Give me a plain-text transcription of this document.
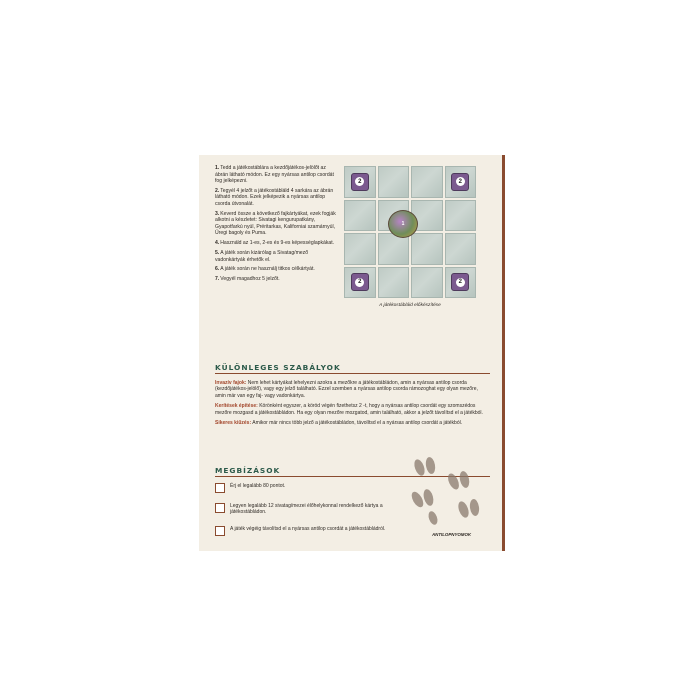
1.Tedd a játékostáblára a kezdőjátékos-jelölőt az ábrán látható módon. Ez egy nyársas antilop csordát fog jelképezni.
2.Tegyél 4 jelzőt a játékostábláld 4 sarkára az ábrán látható módon. Ezek jelképezik a nyársas antilop csorda útvonalát.
3.Keverd össze a következő fajkártyákat, ezek fogják alkotni a készletet: Sivatagi kengurupatkány, Gyapotfarkú nyúl, Préritarkas, Kaliforniai szamárnyúl, Üregi bagoly és Puma.
4.Használd az 1-es, 2-es és 9-es képességlapkákat.
5.A játék során kizárólag a Sivatag/mező vadonkártyák érhetők el.
6.A játék során ne használj titkos célkártyát.
7.Vegyél magadhoz 5 jelzőt.
2	2
2	2
1
A játékostábláid előkészítése
KÜLÖNLEGES SZABÁLYOK

Invazív fajok: Nem lehet kártyákat lehelyezni azokra a mezőkre a játékostábládon, amin a nyársas antilop csorda (kezdőjátékos-jelölő), vagy egy jelző található. Ezzel szemben a nyársas antilop csorda rámozoghat egy olyan mezőre, amin már van egy faj- vagy vadonkártya.

Kerítések építése: Körönként egyszer, a köröd végén fizethetsz 2 -t, hogy a nyársas antilop csordát egy szomszédos mezőre mozgasd a játékostábládon. Ha egy olyan mezőre mozgatod, amin található, akkor a jelzőt távolítsd el a játékból.

Sikeres kiűzés: Amikor már nincs több jelző a játékostábládon, távolítsd el a nyársas antilop csordát a játékból.

MEGBÍZÁSOK
Érj el legalább 80 pontot.
Legyen legalább 12 sivatag/mezei élőhelykonnal rendelkező kártya a játékostábládon.
A játék végéig távolítsd el a nyársas antilop csordát a játékostábládról.
ANTILOPNYOMOK
